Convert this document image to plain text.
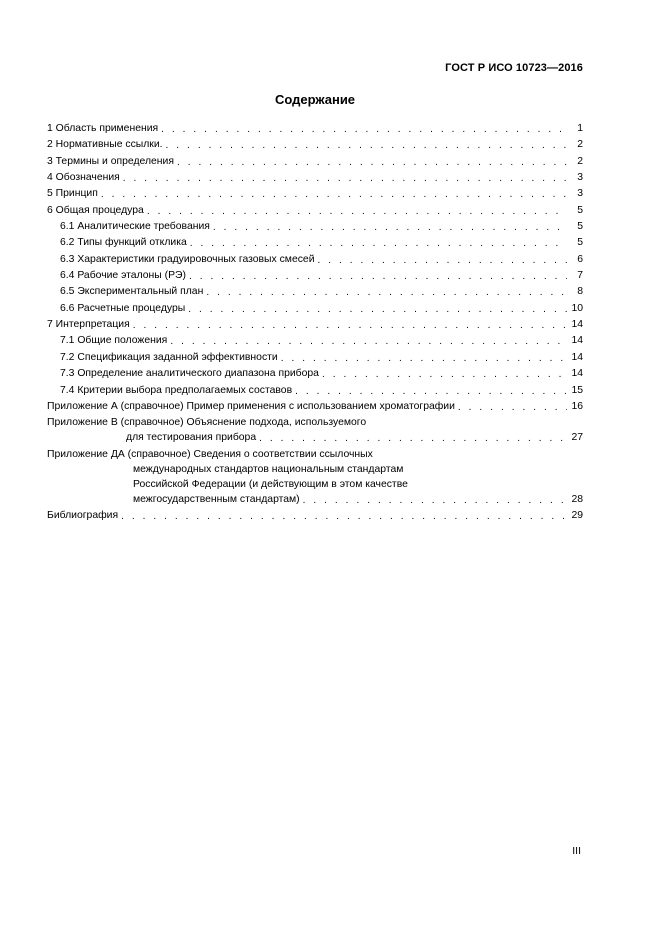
ГОСТ Р ИСО 10723—2016
Содержание
1 Область применения . . .	1
2 Нормативные ссылки. . . .	2
3 Термины и определения . . .	2
4 Обозначения . . .	3
5 Принцип . . .	3
6 Общая процедура . . .	5
6.1 Аналитические требования . . .	5
6.2 Типы функций отклика . . .	5
6.3 Характеристики градуировочных газовых смесей . . .	6
6.4 Рабочие эталоны (РЭ) . . .	7
6.5 Экспериментальный план . . .	8
6.6 Расчетные процедуры . . .	10
7 Интерпретация . . .	14
7.1 Общие положения . . .	14
7.2 Спецификация заданной эффективности . . .	14
7.3 Определение аналитического диапазона прибора . . .	14
7.4 Критерии выбора предполагаемых составов . . .	15
Приложение А (справочное) Пример применения с использованием хроматографии . . .	16
Приложение В (справочное) Объяснение подхода, используемого
для тестирования прибора . . .	27
Приложение ДА (справочное) Сведения о соответствии ссылочных
международных стандартов национальным стандартам
Российской Федерации (и действующим в этом качестве
межгосударственным стандартам) . . .	28
Библиография . . .	29
III
